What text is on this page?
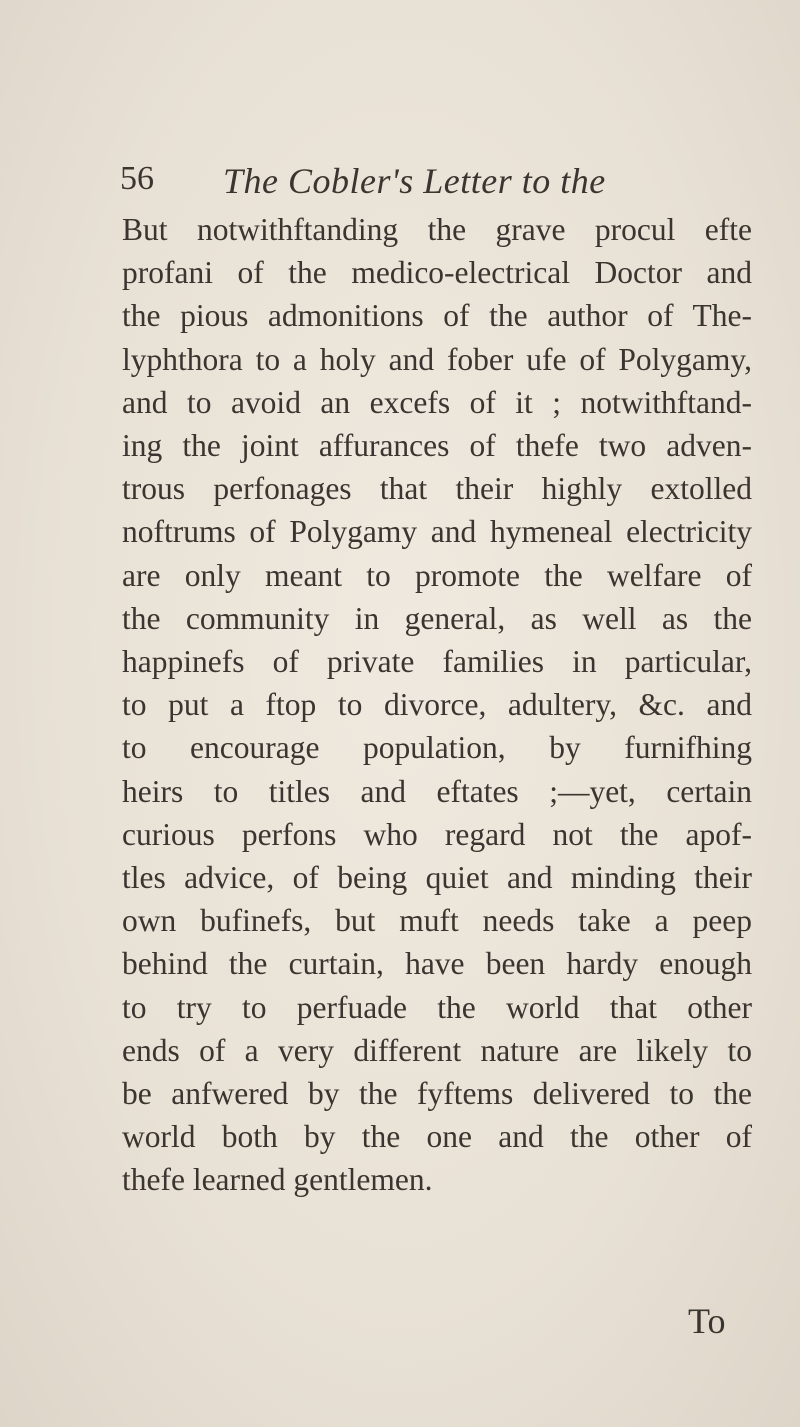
56 The Cobler's Letter to the
But notwithftanding the grave procul efte
profani of the medico-electrical Doctor and
the pious admonitions of the author of The-
lyphthora to a holy and fober ufe of Polygamy,
and to avoid an excefs of it ; notwithftand-
ing the joint affurances of thefe two adven-
trous perfonages that their highly extolled
noftrums of Polygamy and hymeneal electricity
are only meant to promote the welfare of
the community in general, as well as the
happinefs of private families in particular,
to put a ftop to divorce, adultery, &c. and
to encourage population, by furnifhing
heirs to titles and eftates ;—yet, certain
curious perfons who regard not the apof-
tles advice, of being quiet and minding their
own bufinefs, but muft needs take a peep
behind the curtain, have been hardy enough
to try to perfuade the world that other
ends of a very different nature are likely to
be anfwered by the fyftems delivered to the
world both by the one and the other of
thefe learned gentlemen.
To
